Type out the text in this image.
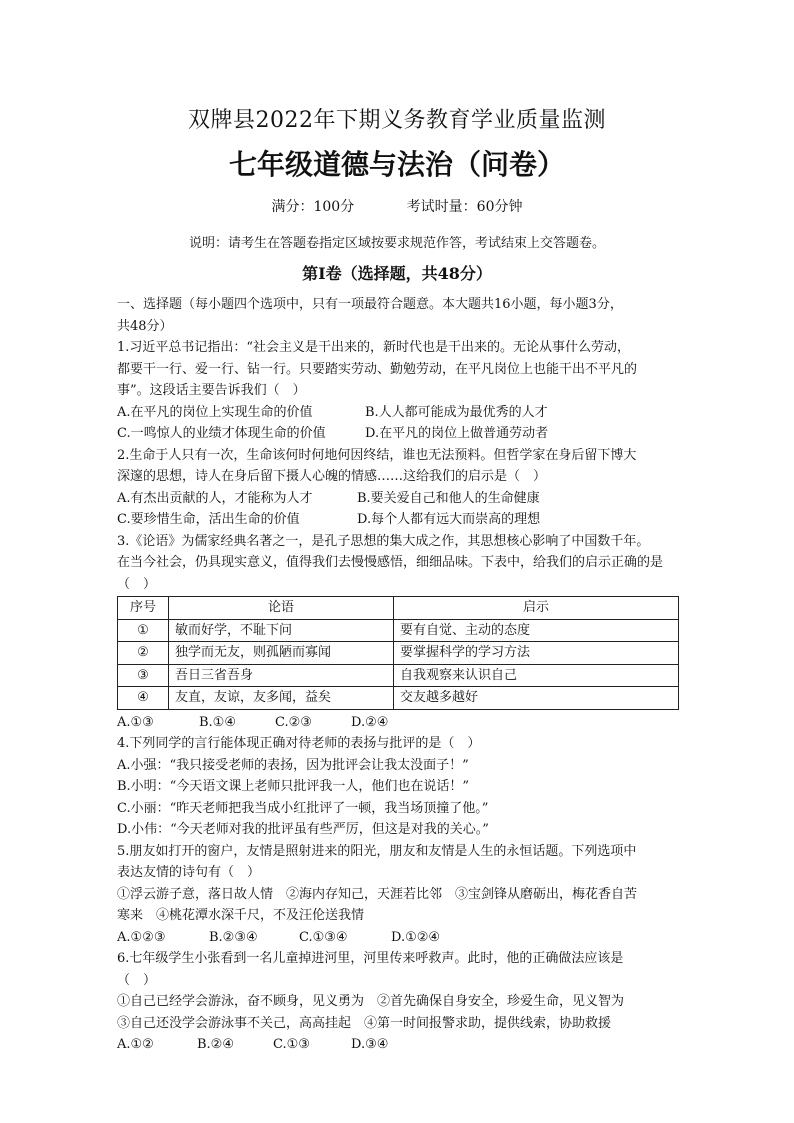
双牌县2022年下期义务教育学业质量监测
七年级道德与法治（问卷）
满分：100分	考试时量：60分钟
说明：请考生在答题卷指定区域按要求规范作答，考试结束上交答题卷。
第Ⅰ卷（选择题，共48分）
一、选择题（每小题四个选项中，只有一项最符合题意。本大题共16小题，每小题3分，
共48分）
1.习近平总书记指出：“社会主义是干出来的，新时代也是干出来的。无论从事什么劳动，
都要干一行、爱一行、钻一行。只要踏实劳动、勤勉劳动，在平凡岗位上也能干出不平凡的
事”。这段话主要告诉我们（　）
A.在平凡的岗位上实现生命的价值	B.人人都可能成为最优秀的人才
C.一鸣惊人的业绩才体现生命的价值	D.在平凡的岗位上做普通劳动者
2.生命于人只有一次，生命该何时何地何因终结，谁也无法预料。但哲学家在身后留下博大
深邃的思想，诗人在身后留下摄人心魄的情感……这给我们的启示是（　）
A.有杰出贡献的人，才能称为人才	B.要关爱自己和他人的生命健康
C.要珍惜生命，活出生命的价值	D.每个人都有远大而崇高的理想
3.《论语》为儒家经典名著之一，是孔子思想的集大成之作，其思想核心影响了中国数千年。
在当今社会，仍具现实意义，值得我们去慢慢感悟，细细品味。下表中，给我们的启示正确的是
（　）
序号	论语	启示
①	敏而好学，不耻下问	要有自觉、主动的态度
②	独学而无友，则孤陋而寡闻	要掌握科学的学习方法
③	吾日三省吾身	自我观察来认识自己
④	友直，友谅，友多闻，益矣	交友越多越好
A.①③	B.①④	C.②③	D.②④
4.下列同学的言行能体现正确对待老师的表扬与批评的是（　）
A.小强：“我只接受老师的表扬，因为批评会让我太没面子！”
B.小明：“今天语文课上老师只批评我一人，他们也在说话！”
C.小丽：“昨天老师把我当成小红批评了一顿，我当场顶撞了他。”
D.小伟：“今天老师对我的批评虽有些严厉，但这是对我的关心。”
5.朋友如打开的窗户，友情是照射进来的阳光，朋友和友情是人生的永恒话题。下列选项中
表达友情的诗句有（　）
①浮云游子意，落日故人情　②海内存知己，天涯若比邻　③宝剑锋从磨砺出，梅花香自苦
寒来　④桃花潭水深千尺，不及汪伦送我情
A.①②③	B.②③④	C.①③④	D.①②④
6.七年级学生小张看到一名儿童掉进河里，河里传来呼救声。此时，他的正确做法应该是
（　）
①自己已经学会游泳，奋不顾身，见义勇为　②首先确保自身安全，珍爱生命，见义智为
③自己还没学会游泳事不关己，高高挂起　④第一时间报警求助，提供线索，协助救援
A.①②	B.②④	C.①③	D.③④
